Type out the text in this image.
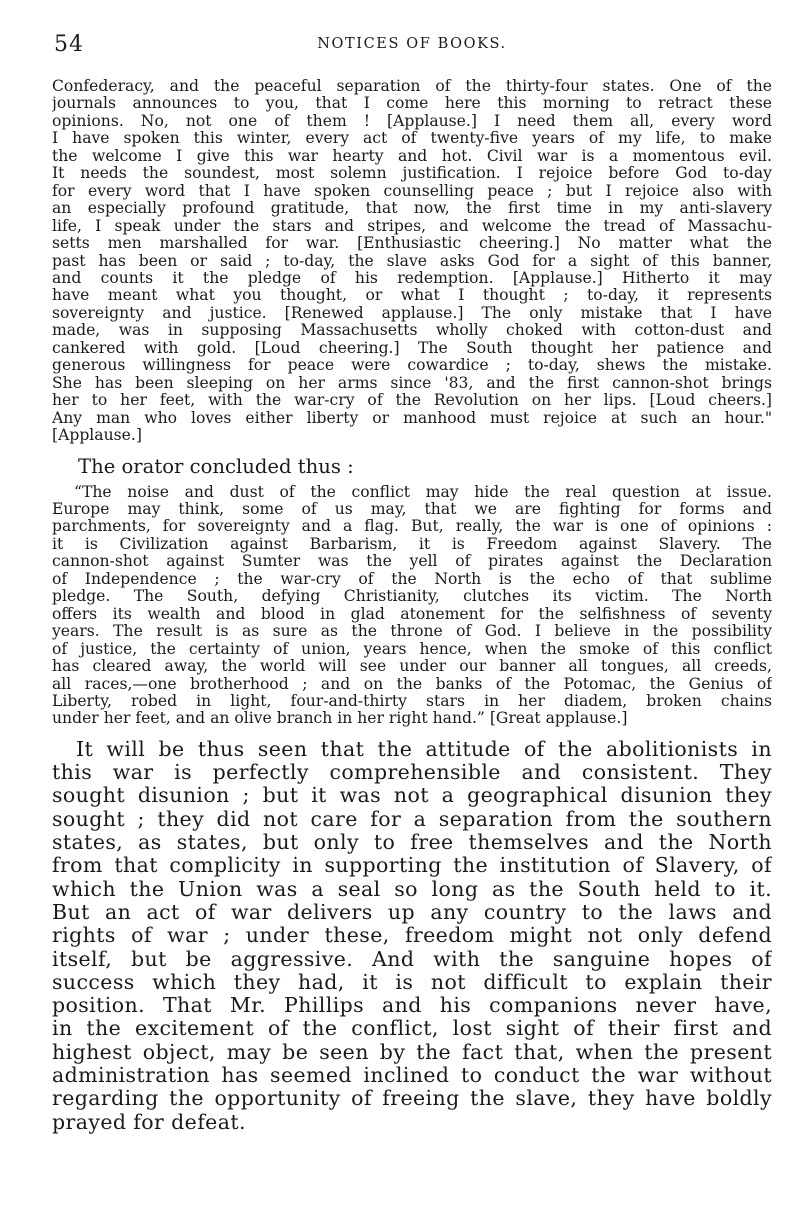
54	NOTICES OF BOOKS.
Confederacy, and the peaceful separation of the thirty-four states. One of the
journals announces to you, that I come here this morning to retract these
opinions. No, not one of them ! [Applause.] I need them all, every word
I have spoken this winter, every act of twenty-five years of my life, to make
the welcome I give this war hearty and hot. Civil war is a momentous evil.
It needs the soundest, most solemn justification. I rejoice before God to-day
for every word that I have spoken counselling peace ; but I rejoice also with
an especially profound gratitude, that now, the first time in my anti-slavery
life, I speak under the stars and stripes, and welcome the tread of Massachu-
setts men marshalled for war. [Enthusiastic cheering.] No matter what the
past has been or said ; to-day, the slave asks God for a sight of this banner,
and counts it the pledge of his redemption. [Applause.] Hitherto it may
have meant what you thought, or what I thought ; to-day, it represents
sovereignty and justice. [Renewed applause.] The only mistake that I have
made, was in supposing Massachusetts wholly choked with cotton-dust and
cankered with gold. [Loud cheering.] The South thought her patience and
generous willingness for peace were cowardice ; to-day, shews the mistake.
She has been sleeping on her arms since '83, and the first cannon-shot brings
her to her feet, with the war-cry of the Revolution on her lips. [Loud cheers.]
Any man who loves either liberty or manhood must rejoice at such an hour."
[Applause.]
The orator concluded thus :
“The noise and dust of the conflict may hide the real question at issue.
Europe may think, some of us may, that we are fighting for forms and
parchments, for sovereignty and a flag. But, really, the war is one of opinions :
it is Civilization against Barbarism, it is Freedom against Slavery. The
cannon-shot against Sumter was the yell of pirates against the Declaration
of Independence ; the war-cry of the North is the echo of that sublime
pledge. The South, defying Christianity, clutches its victim. The North
offers its wealth and blood in glad atonement for the selfishness of seventy
years. The result is as sure as the throne of God. I believe in the possibility
of justice, the certainty of union, years hence, when the smoke of this conflict
has cleared away, the world will see under our banner all tongues, all creeds,
all races,—one brotherhood ; and on the banks of the Potomac, the Genius of
Liberty, robed in light, four-and-thirty stars in her diadem, broken chains
under her feet, and an olive branch in her right hand.” [Great applause.]
It will be thus seen that the attitude of the abolitionists in
this war is perfectly comprehensible and consistent. They
sought disunion ; but it was not a geographical disunion they
sought ; they did not care for a separation from the southern
states, as states, but only to free themselves and the North
from that complicity in supporting the institution of Slavery, of
which the Union was a seal so long as the South held to it.
But an act of war delivers up any country to the laws and
rights of war ; under these, freedom might not only defend
itself, but be aggressive. And with the sanguine hopes of
success which they had, it is not difficult to explain their
position. That Mr. Phillips and his companions never have,
in the excitement of the conflict, lost sight of their first and
highest object, may be seen by the fact that, when the present
administration has seemed inclined to conduct the war without
regarding the opportunity of freeing the slave, they have boldly
prayed for defeat.
